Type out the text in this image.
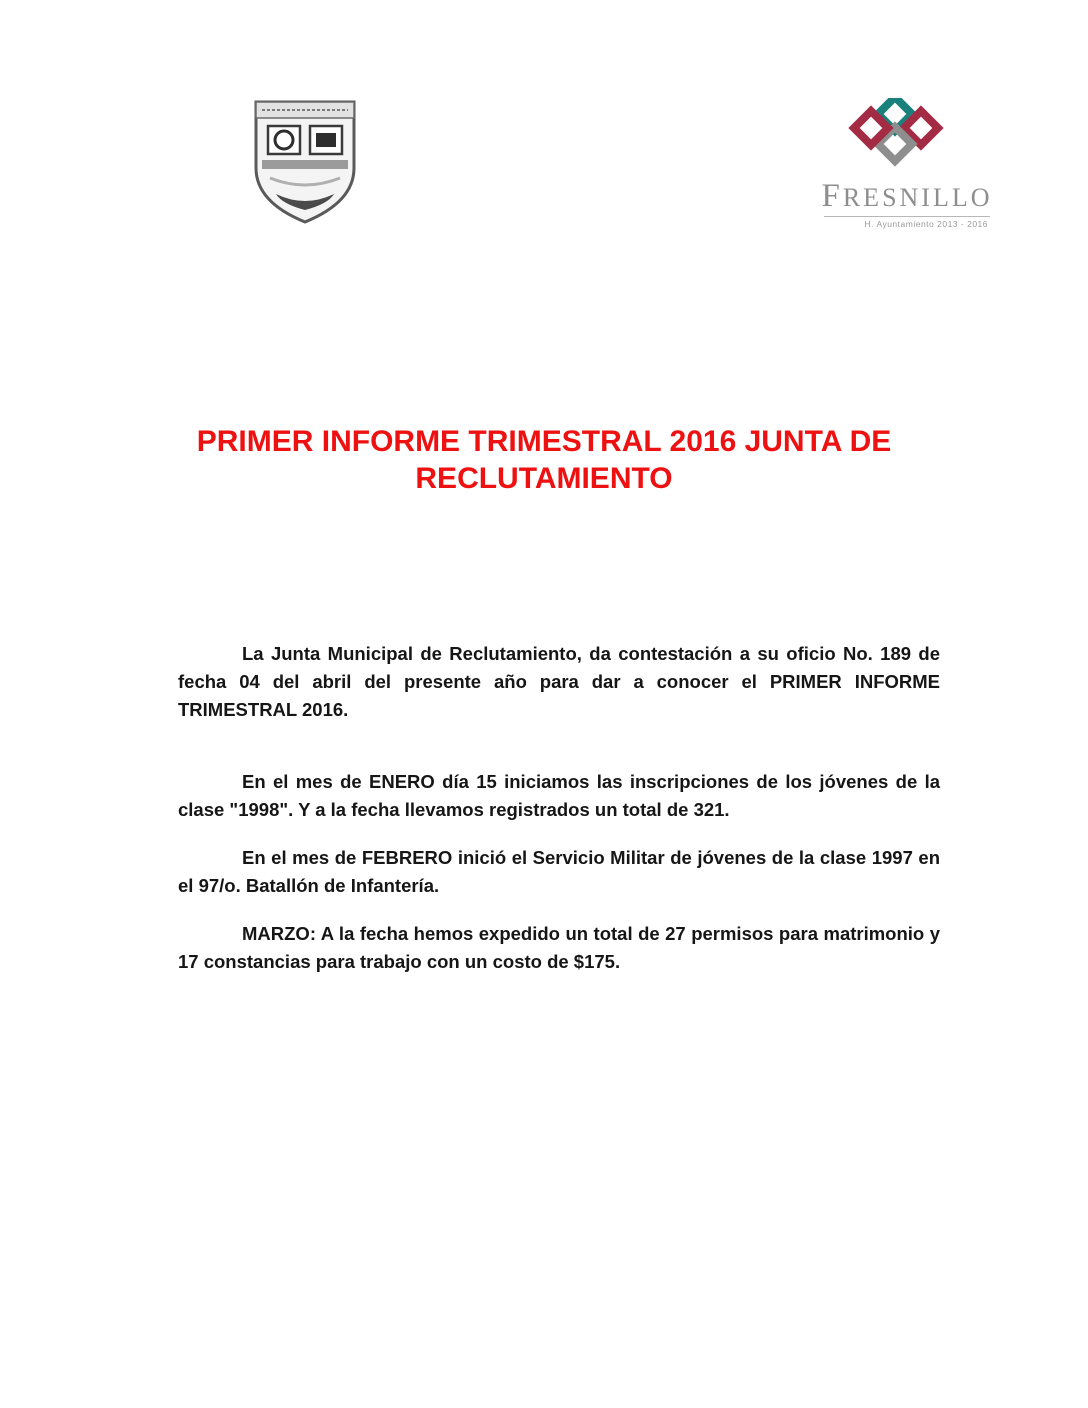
FRESNILLO
H. Ayuntamiento 2013 - 2016
PRIMER INFORME TRIMESTRAL 2016 JUNTA DE
RECLUTAMIENTO

La Junta Municipal de Reclutamiento, da contestación a su oficio No. 189 de fecha 04 del abril del presente año para dar a conocer el PRIMER INFORME TRIMESTRAL 2016.

En el mes de ENERO día 15 iniciamos las inscripciones de los jóvenes de la clase "1998". Y a la fecha llevamos registrados un total de 321.

En el mes de FEBRERO inició el Servicio Militar de jóvenes de la clase 1997 en el 97/o. Batallón de Infantería.

MARZO: A la fecha hemos expedido un total de 27 permisos para matrimonio y 17 constancias para trabajo con un costo de $175.
